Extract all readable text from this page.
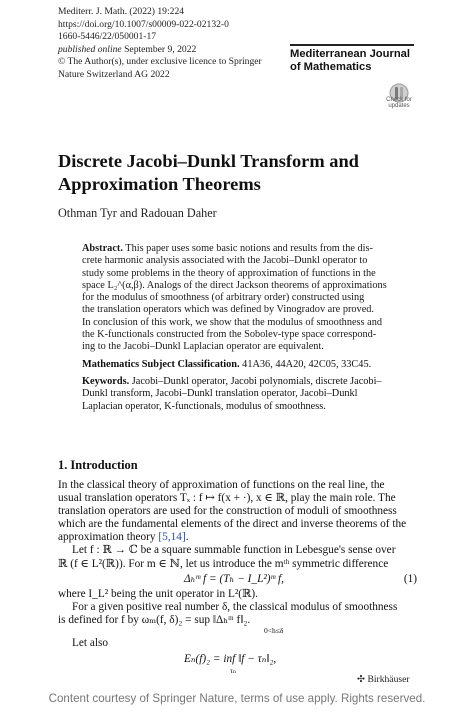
Mediterr. J. Math. (2022) 19:224
https://doi.org/10.1007/s00009-022-02132-0
1660-5446/22/050001-17
published online September 9, 2022
© The Author(s), under exclusive licence to Springer
Nature Switzerland AG 2022
Mediterranean Journal
of Mathematics
Check for
updates
Discrete Jacobi–Dunkl Transform and
Approximation Theorems
Othman Tyr and Radouan Daher
Abstract. This paper uses some basic notions and results from the dis-
crete harmonic analysis associated with the Jacobi–Dunkl operator to
study some problems in the theory of approximation of functions in the
space L₂^(α,β). Analogs of the direct Jackson theorems of approximations
for the modulus of smoothness (of arbitrary order) constructed using
the translation operators which was defined by Vinogradov are proved.
In conclusion of this work, we show that the modulus of smoothness and
the K-functionals constructed from the Sobolev-type space correspond-
ing to the Jacobi–Dunkl Laplacian operator are equivalent.
Mathematics Subject Classification. 41A36, 44A20, 42C05, 33C45.
Keywords. Jacobi–Dunkl operator, Jacobi polynomials, discrete Jacobi–
Dunkl transform, Jacobi–Dunkl translation operator, Jacobi–Dunkl
Laplacian operator, K-functionals, modulus of smoothness.
1. Introduction
In the classical theory of approximation of functions on the real line, the
usual translation operators Tₓ : f ↦ f(x + ·), x ∈ ℝ, play the main role. The
translation operators are used for the construction of moduli of smoothness
which are the fundamental elements of the direct and inverse theorems of the
approximation theory [5,14].
Let f : ℝ → ℂ be a square summable function in Lebesgue's sense over
ℝ (f ∈ L²(ℝ)). For m ∈ ℕ, let us introduce the mᵗʰ symmetric difference
Δₕᵐ f = (Tₕ − I_L²)ᵐ f,	(1)
where I_L² being the unit operator in L²(ℝ).
For a given positive real number δ, the classical modulus of smoothness
is defined for f by ωₘ(f, δ)₂ = sup ‖Δₕᵐ f‖₂.
0<h≤δ
Let also
Eₙ(f)₂ = inf ‖f − τₙ‖₂,
τₙ
✣ Birkhäuser
Content courtesy of Springer Nature, terms of use apply. Rights reserved.
